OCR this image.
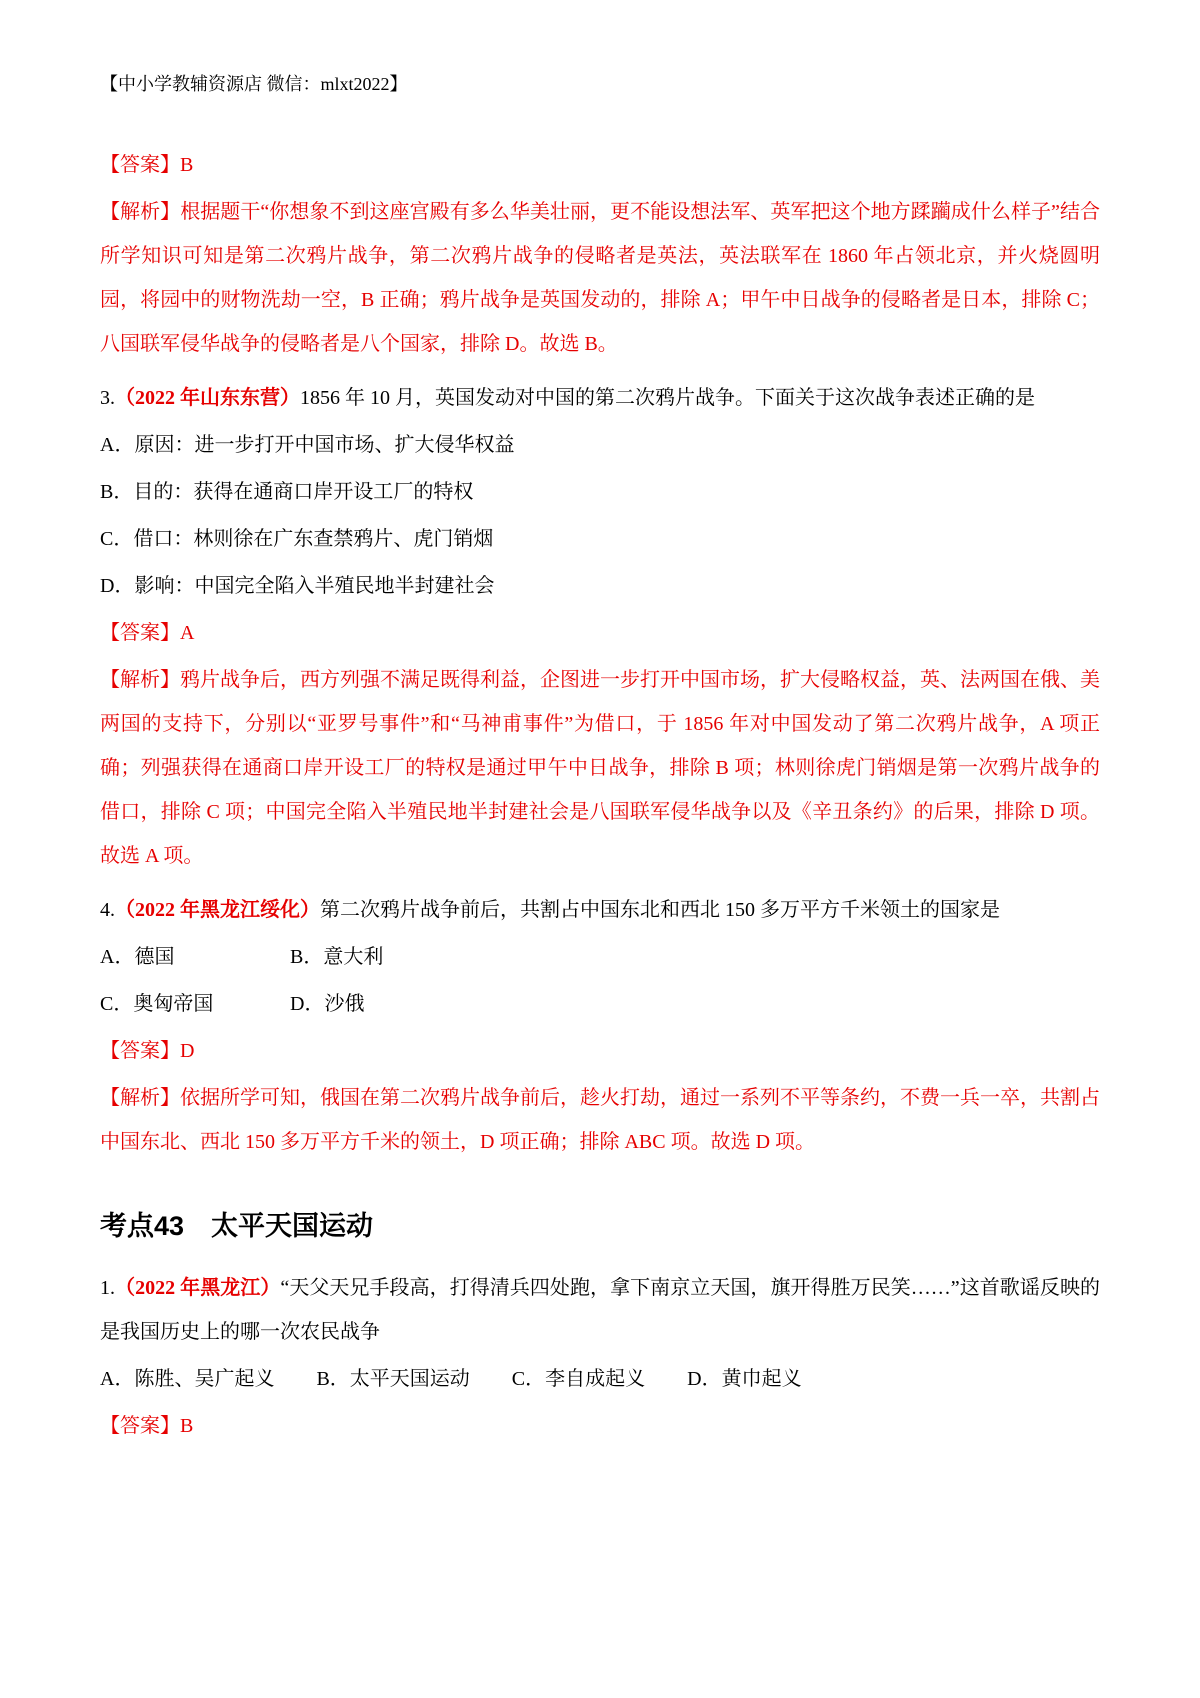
【中小学教辅资源店 微信：mlxt2022】

【答案】B

【解析】根据题干“你想象不到这座宫殿有多么华美壮丽，更不能设想法军、英军把这个地方蹂躏成什么样子”结合所学知识可知是第二次鸦片战争，第二次鸦片战争的侵略者是英法，英法联军在 1860 年占领北京，并火烧圆明园，将园中的财物洗劫一空，B 正确；鸦片战争是英国发动的，排除 A；甲午中日战争的侵略者是日本，排除 C；八国联军侵华战争的侵略者是八个国家，排除 D。故选 B。

3.（2022 年山东东营）1856 年 10 月，英国发动对中国的第二次鸦片战争。下面关于这次战争表述正确的是

A．原因：进一步打开中国市场、扩大侵华权益

B．目的：获得在通商口岸开设工厂的特权

C．借口：林则徐在广东查禁鸦片、虎门销烟

D．影响：中国完全陷入半殖民地半封建社会

【答案】A

【解析】鸦片战争后，西方列强不满足既得利益，企图进一步打开中国市场，扩大侵略权益，英、法两国在俄、美两国的支持下，分别以“亚罗号事件”和“马神甫事件”为借口，于 1856 年对中国发动了第二次鸦片战争，A 项正确；列强获得在通商口岸开设工厂的特权是通过甲午中日战争，排除 B 项；林则徐虎门销烟是第一次鸦片战争的借口，排除 C 项；中国完全陷入半殖民地半封建社会是八国联军侵华战争以及《辛丑条约》的后果，排除 D 项。故选 A 项。

4.（2022 年黑龙江绥化）第二次鸦片战争前后，共割占中国东北和西北 150 多万平方千米领土的国家是

A．德国	B．意大利

C．奥匈帝国	D．沙俄

【答案】D

【解析】依据所学可知，俄国在第二次鸦片战争前后，趁火打劫，通过一系列不平等条约，不费一兵一卒，共割占中国东北、西北 150 多万平方千米的领土，D 项正确；排除 ABC 项。故选 D 项。

考点43　太平天国运动

1.（2022 年黑龙江）“天父天兄手段高，打得清兵四处跑，拿下南京立天国，旗开得胜万民笑……”这首歌谣反映的是我国历史上的哪一次农民战争

A．陈胜、吴广起义 B．太平天国运动 C．李自成起义 D．黄巾起义

【答案】B
